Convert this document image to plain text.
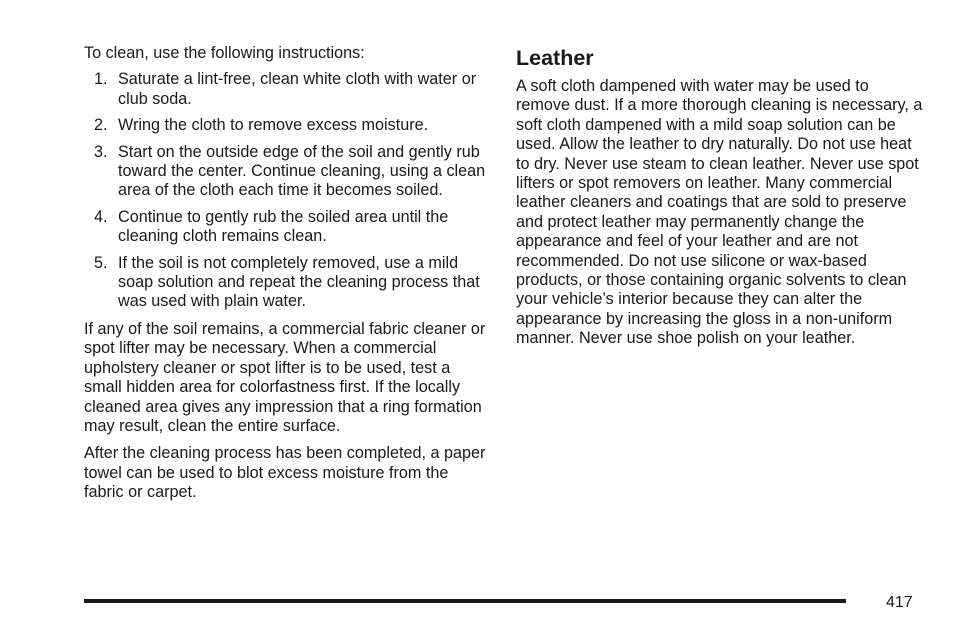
To clean, use the following instructions:

1. Saturate a lint-free, clean white cloth with water or club soda.
2. Wring the cloth to remove excess moisture.
3. Start on the outside edge of the soil and gently rub toward the center. Continue cleaning, using a clean area of the cloth each time it becomes soiled.
4. Continue to gently rub the soiled area until the cleaning cloth remains clean.
5. If the soil is not completely removed, use a mild soap solution and repeat the cleaning process that was used with plain water.

If any of the soil remains, a commercial fabric cleaner or spot lifter may be necessary. When a commercial upholstery cleaner or spot lifter is to be used, test a small hidden area for colorfastness first. If the locally cleaned area gives any impression that a ring formation may result, clean the entire surface.

After the cleaning process has been completed, a paper towel can be used to blot excess moisture from the fabric or carpet.

Leather

A soft cloth dampened with water may be used to remove dust. If a more thorough cleaning is necessary, a soft cloth dampened with a mild soap solution can be used. Allow the leather to dry naturally. Do not use heat to dry. Never use steam to clean leather. Never use spot lifters or spot removers on leather. Many commercial leather cleaners and coatings that are sold to preserve and protect leather may permanently change the appearance and feel of your leather and are not recommended. Do not use silicone or wax-based products, or those containing organic solvents to clean your vehicle’s interior because they can alter the appearance by increasing the gloss in a non-uniform manner. Never use shoe polish on your leather.

417
